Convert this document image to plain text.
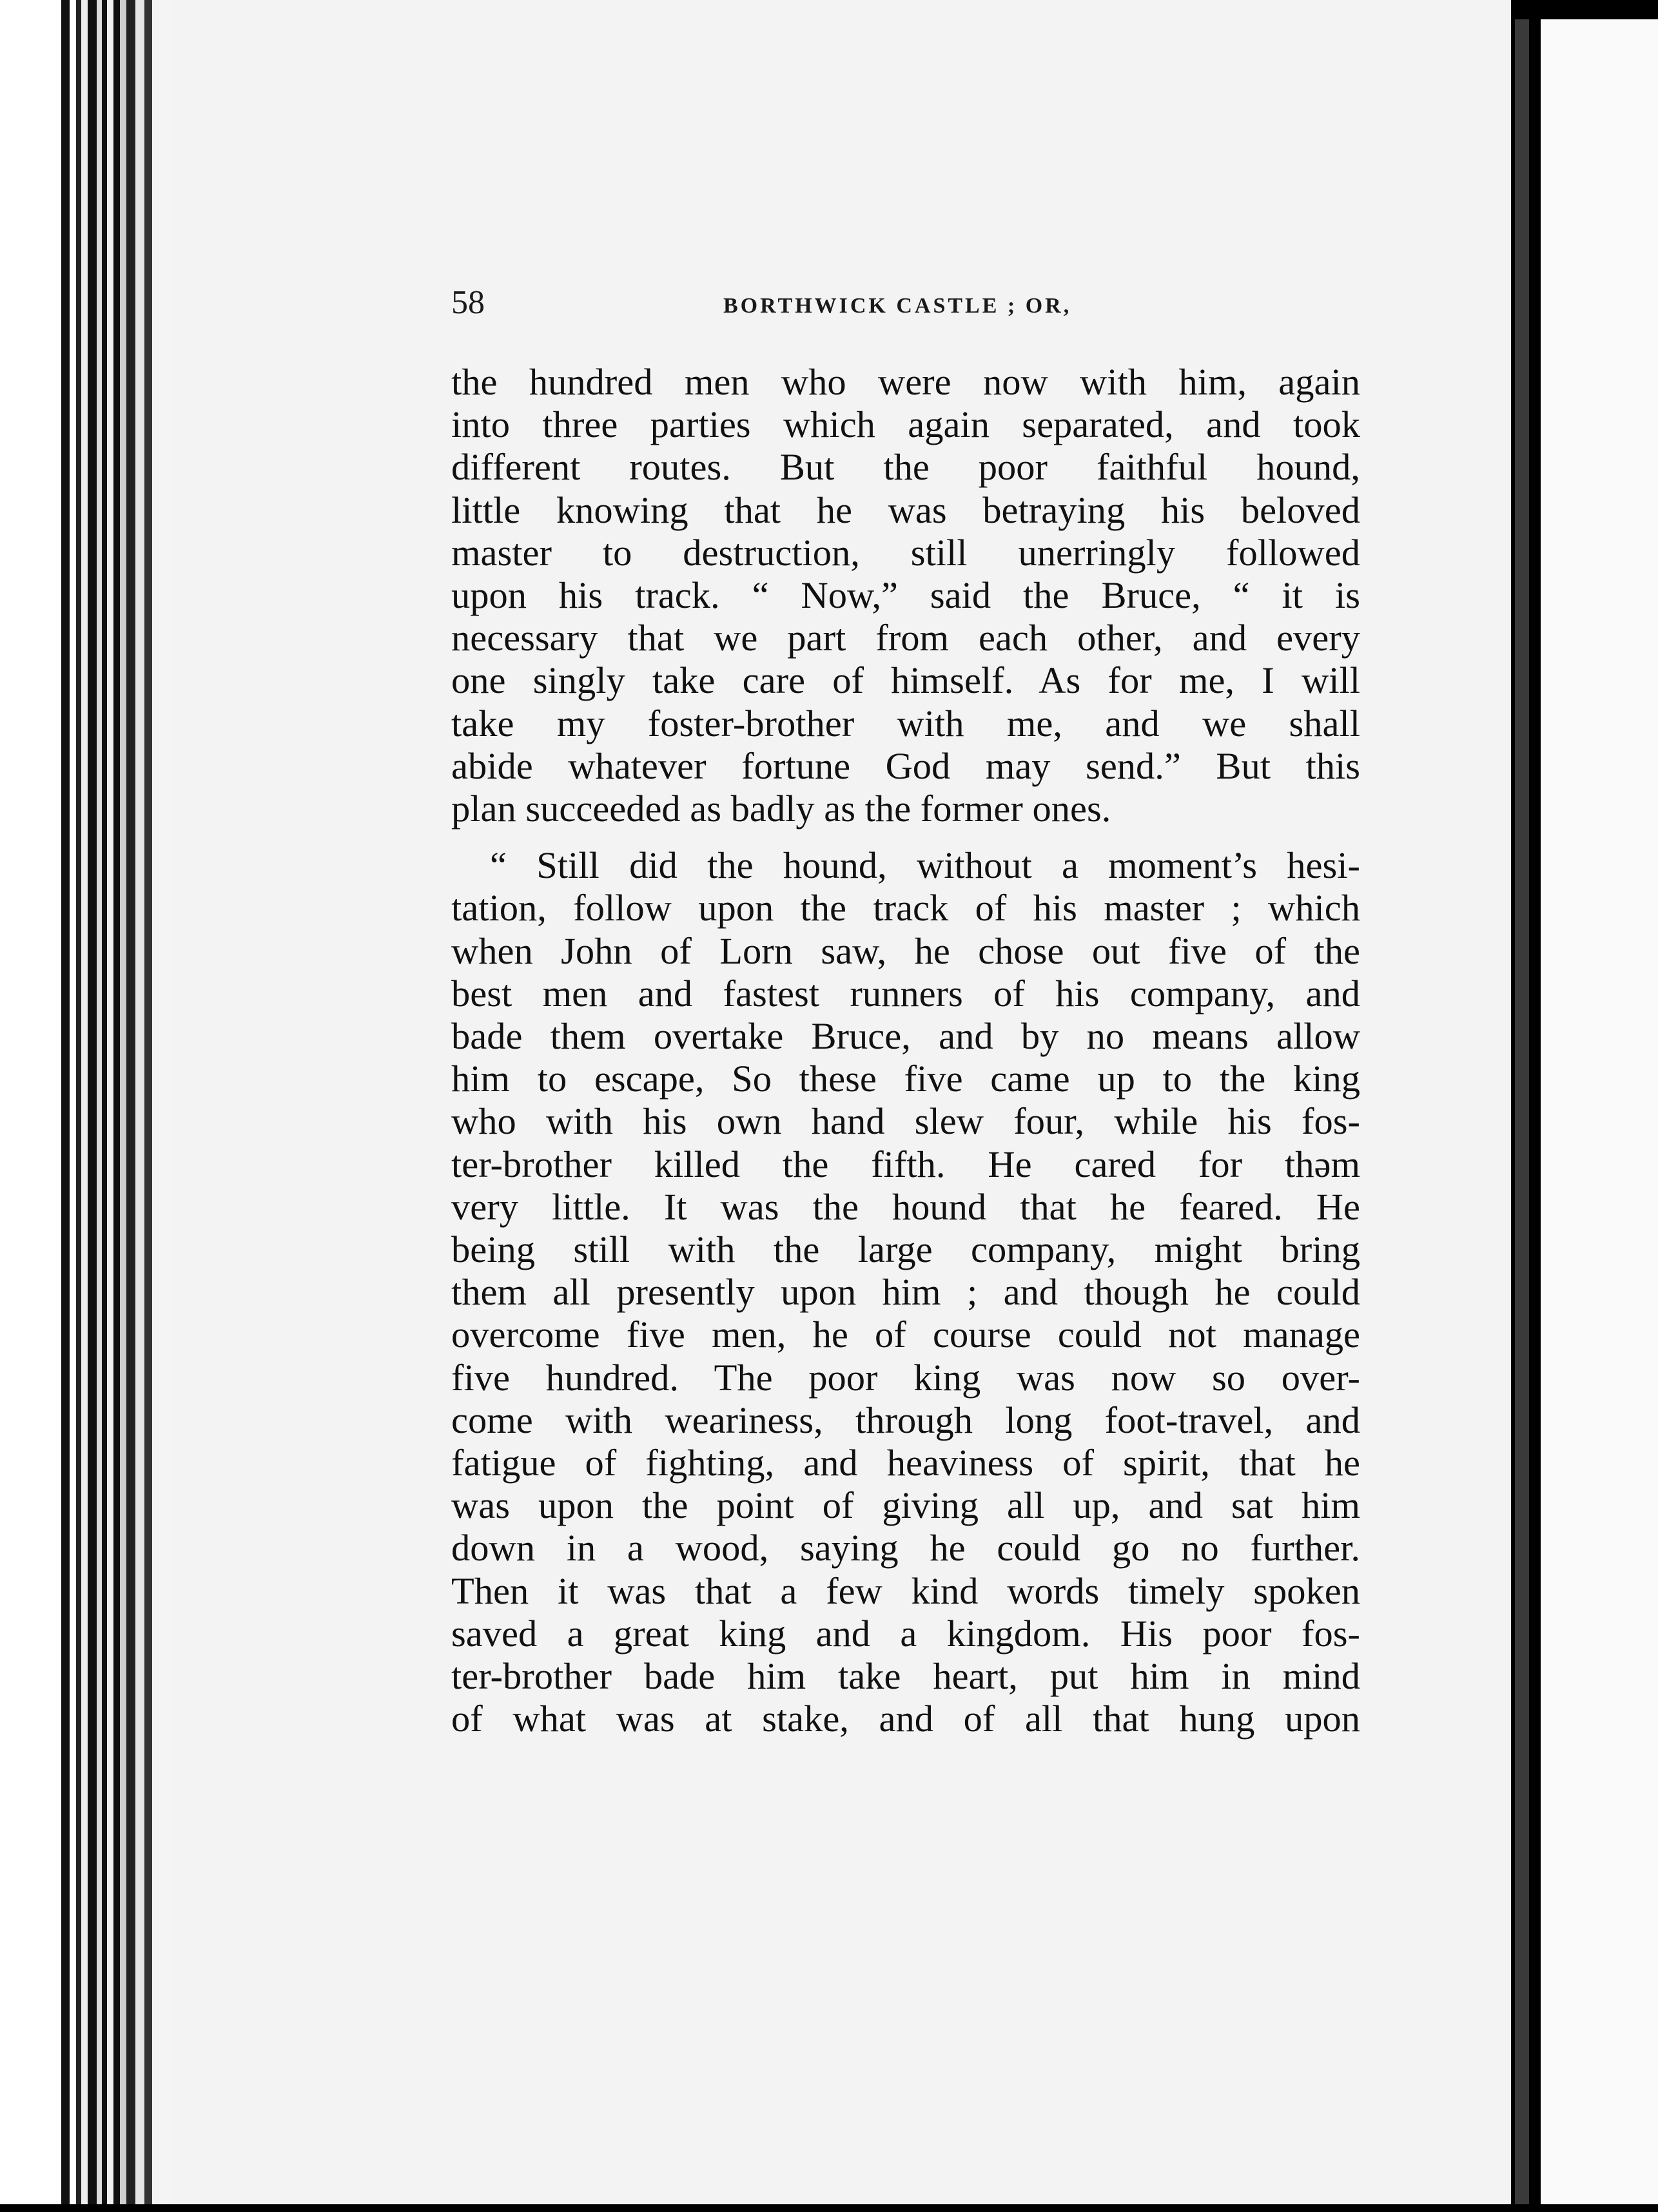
58	BORTHWICK CASTLE ; OR,

the hundred men who were now with him, again
into three parties which again separated, and took
different routes. But the poor faithful hound,
little knowing that he was betraying his beloved
master to destruction, still unerringly followed
upon his track. “ Now,” said the Bruce, “ it is
necessary that we part from each other, and every
one singly take care of himself. As for me, I will
take my foster-brother with me, and we shall
abide whatever fortune God may send.” But this
plan succeeded as badly as the former ones.

“ Still did the hound, without a moment’s hesi-
tation, follow upon the track of his master ; which
when John of Lorn saw, he chose out five of the
best men and fastest runners of his company, and
bade them overtake Bruce, and by no means allow
him to escape, So these five came up to the king
who with his own hand slew four, while his fos-
ter-brother killed the fifth. He cared for thəm
very little. It was the hound that he feared. He
being still with the large company, might bring
them all presently upon him ; and though he could
overcome five men, he of course could not manage
five hundred. The poor king was now so over-
come with weariness, through long foot-travel, and
fatigue of fighting, and heaviness of spirit, that he
was upon the point of giving all up, and sat him
down in a wood, saying he could go no further.
Then it was that a few kind words timely spoken
saved a great king and a kingdom. His poor fos-
ter-brother bade him take heart, put him in mind
of what was at stake, and of all that hung upon
